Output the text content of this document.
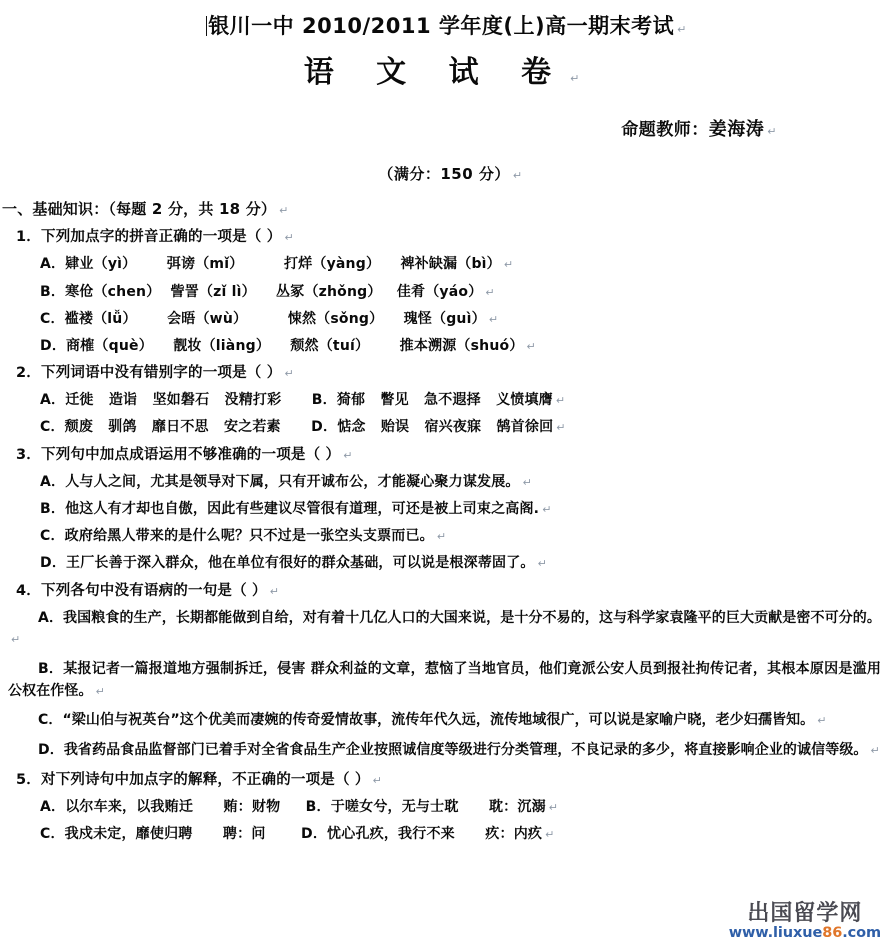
银川一中 2010/2011 学年度(上)高一期末考试 ↵
语 文 试 卷 ↵
命题教师：姜海涛 ↵
（满分：150 分） ↵
一、基础知识：（每题 2 分，共 18 分） ↵
1．下列加点字的拼音正确的一项是（ ） ↵
A．肄业（yì）      弭谤（mǐ）        打烊（yàng）    裨补缺漏（bì） ↵
B．寒伧（chen）  訾詈（zǐ lì）    丛冢（zhǒng）   佳肴（yáo） ↵
C．褴褛（lǚ）      会晤（wù）        悚然（sǒng）    瑰怪（guì） ↵
D．商榷（què）    靓妆（liàng）    颓然（tuí）      推本溯源（shuó） ↵
2．下列词语中没有错别字的一项是（ ） ↵
A．迁徙   造诣   坚如磐石   没精打彩      B．猗郁   瞥见   急不遐择   义愤填膺 ↵
C．颓废   驯鸽   靡日不思   安之若素      D．惦念   贻误   宿兴夜寐   鹄首徐回 ↵
3．下列句中加点成语运用不够准确的一项是（ ） ↵
A．人与人之间，尤其是领导对下属，只有开诚布公，才能凝心聚力谋发展。 ↵
B．他这人有才却也自傲，因此有些建议尽管很有道理，可还是被上司束之高阁. ↵
C．政府给黑人带来的是什么呢？只不过是一张空头支票而已。 ↵
D．王厂长善于深入群众，他在单位有很好的群众基础，可以说是根深蒂固了。 ↵
4．下列各句中没有语病的一句是（ ） ↵
A．我国粮食的生产，长期都能做到自给，对有着十几亿人口的大国来说，是十分不易的，这与科学家袁隆平的巨大贡献是密不可分的。↵
B．某报记者一篇报道地方强制拆迁，侵害 群众利益的文章，惹恼了当地官员，他们竟派公安人员到报社拘传记者，其根本原因是滥用公权在作怪。 ↵
C．“梁山伯与祝英台”这个优美而凄婉的传奇爱情故事，流传年代久远，流传地域很广，可以说是家喻户晓，老少妇孺皆知。 ↵
D．我省药品食品监督部门已着手对全省食品生产企业按照诚信度等级进行分类管理，不良记录的多少，将直接影响企业的诚信等级。 ↵
5．对下列诗句中加点字的解释，不正确的一项是（ ） ↵
A．以尔车来，以我贿迁      贿：财物     B．于嗟女兮，无与士耽      耽：沉溺 ↵
C．我戍未定，靡使归聘      聘：问       D．忧心孔疚，我行不来      疚：内疚 ↵
出国留学网
www.liuxue86.com
